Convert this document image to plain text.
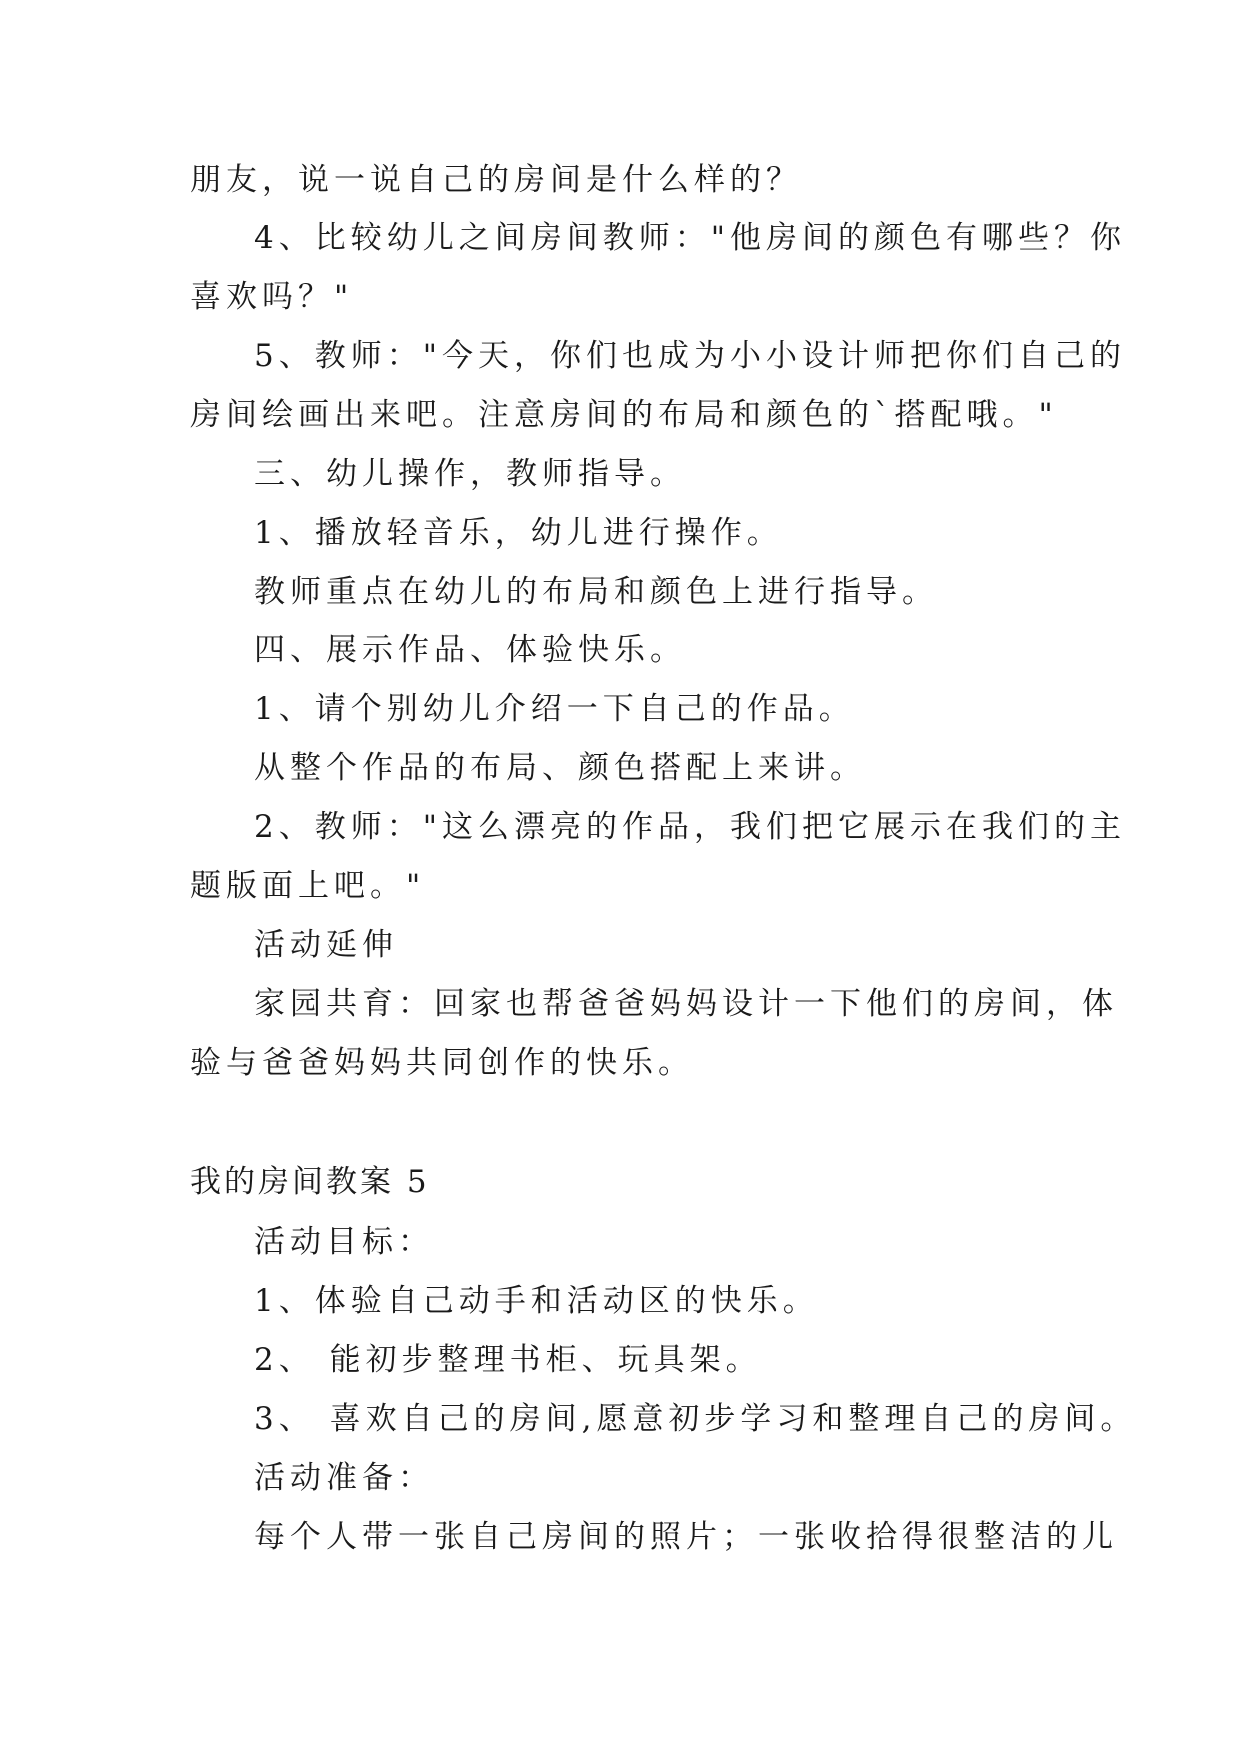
朋友，说一说自己的房间是什么样的？
4、比较幼儿之间房间教师："他房间的颜色有哪些？你
喜欢吗？"
5、教师："今天，你们也成为小小设计师把你们自己的
房间绘画出来吧。注意房间的布局和颜色的`搭配哦。"
三、幼儿操作，教师指导。
1、播放轻音乐，幼儿进行操作。
教师重点在幼儿的布局和颜色上进行指导。
四、展示作品、体验快乐。
1、请个别幼儿介绍一下自己的作品。
从整个作品的布局、颜色搭配上来讲。
2、教师："这么漂亮的作品，我们把它展示在我们的主
题版面上吧。"
活动延伸
家园共育：回家也帮爸爸妈妈设计一下他们的房间，体
验与爸爸妈妈共同创作的快乐。
我的房间教案 5
活动目标：
1、体验自己动手和活动区的快乐。
2、 能初步整理书柜、玩具架。
3、 喜欢自己的房间,愿意初步学习和整理自己的房间。
活动准备：
每个人带一张自己房间的照片；一张收拾得很整洁的儿
